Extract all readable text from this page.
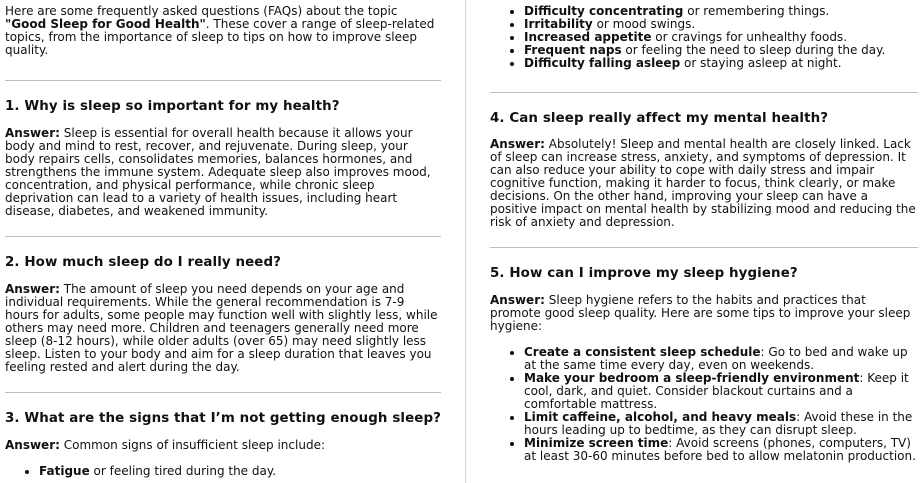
Here are some frequently asked questions (FAQs) about the topic "Good Sleep for Good Health". These cover a range of sleep-related topics, from the importance of sleep to tips on how to improve sleep quality.

1. Why is sleep so important for my health?

Answer: Sleep is essential for overall health because it allows your body and mind to rest, recover, and rejuvenate. During sleep, your body repairs cells, consolidates memories, balances hormones, and strengthens the immune system. Adequate sleep also improves mood, concentration, and physical performance, while chronic sleep deprivation can lead to a variety of health issues, including heart disease, diabetes, and weakened immunity.

2. How much sleep do I really need?

Answer: The amount of sleep you need depends on your age and individual requirements. While the general recommendation is 7-9 hours for adults, some people may function well with slightly less, while others may need more. Children and teenagers generally need more sleep (8-12 hours), while older adults (over 65) may need slightly less sleep. Listen to your body and aim for a sleep duration that leaves you feeling rested and alert during the day.

3. What are the signs that I’m not getting enough sleep?

Answer: Common signs of insufficient sleep include:

• Fatigue or feeling tired during the day.
• Difficulty concentrating or remembering things.
• Irritability or mood swings.
• Increased appetite or cravings for unhealthy foods.
• Frequent naps or feeling the need to sleep during the day.
• Difficulty falling asleep or staying asleep at night.
4. Can sleep really affect my mental health?

Answer: Absolutely! Sleep and mental health are closely linked. Lack of sleep can increase stress, anxiety, and symptoms of depression. It can also reduce your ability to cope with daily stress and impair cognitive function, making it harder to focus, think clearly, or make decisions. On the other hand, improving your sleep can have a positive impact on mental health by stabilizing mood and reducing the risk of anxiety and depression.

5. How can I improve my sleep hygiene?

Answer: Sleep hygiene refers to the habits and practices that promote good sleep quality. Here are some tips to improve your sleep hygiene:

• Create a consistent sleep schedule: Go to bed and wake up at the same time every day, even on weekends.
• Make your bedroom a sleep-friendly environment: Keep it cool, dark, and quiet. Consider blackout curtains and a comfortable mattress.
• Limit caffeine, alcohol, and heavy meals: Avoid these in the hours leading up to bedtime, as they can disrupt sleep.
• Minimize screen time: Avoid screens (phones, computers, TV) at least 30-60 minutes before bed to allow melatonin production.
